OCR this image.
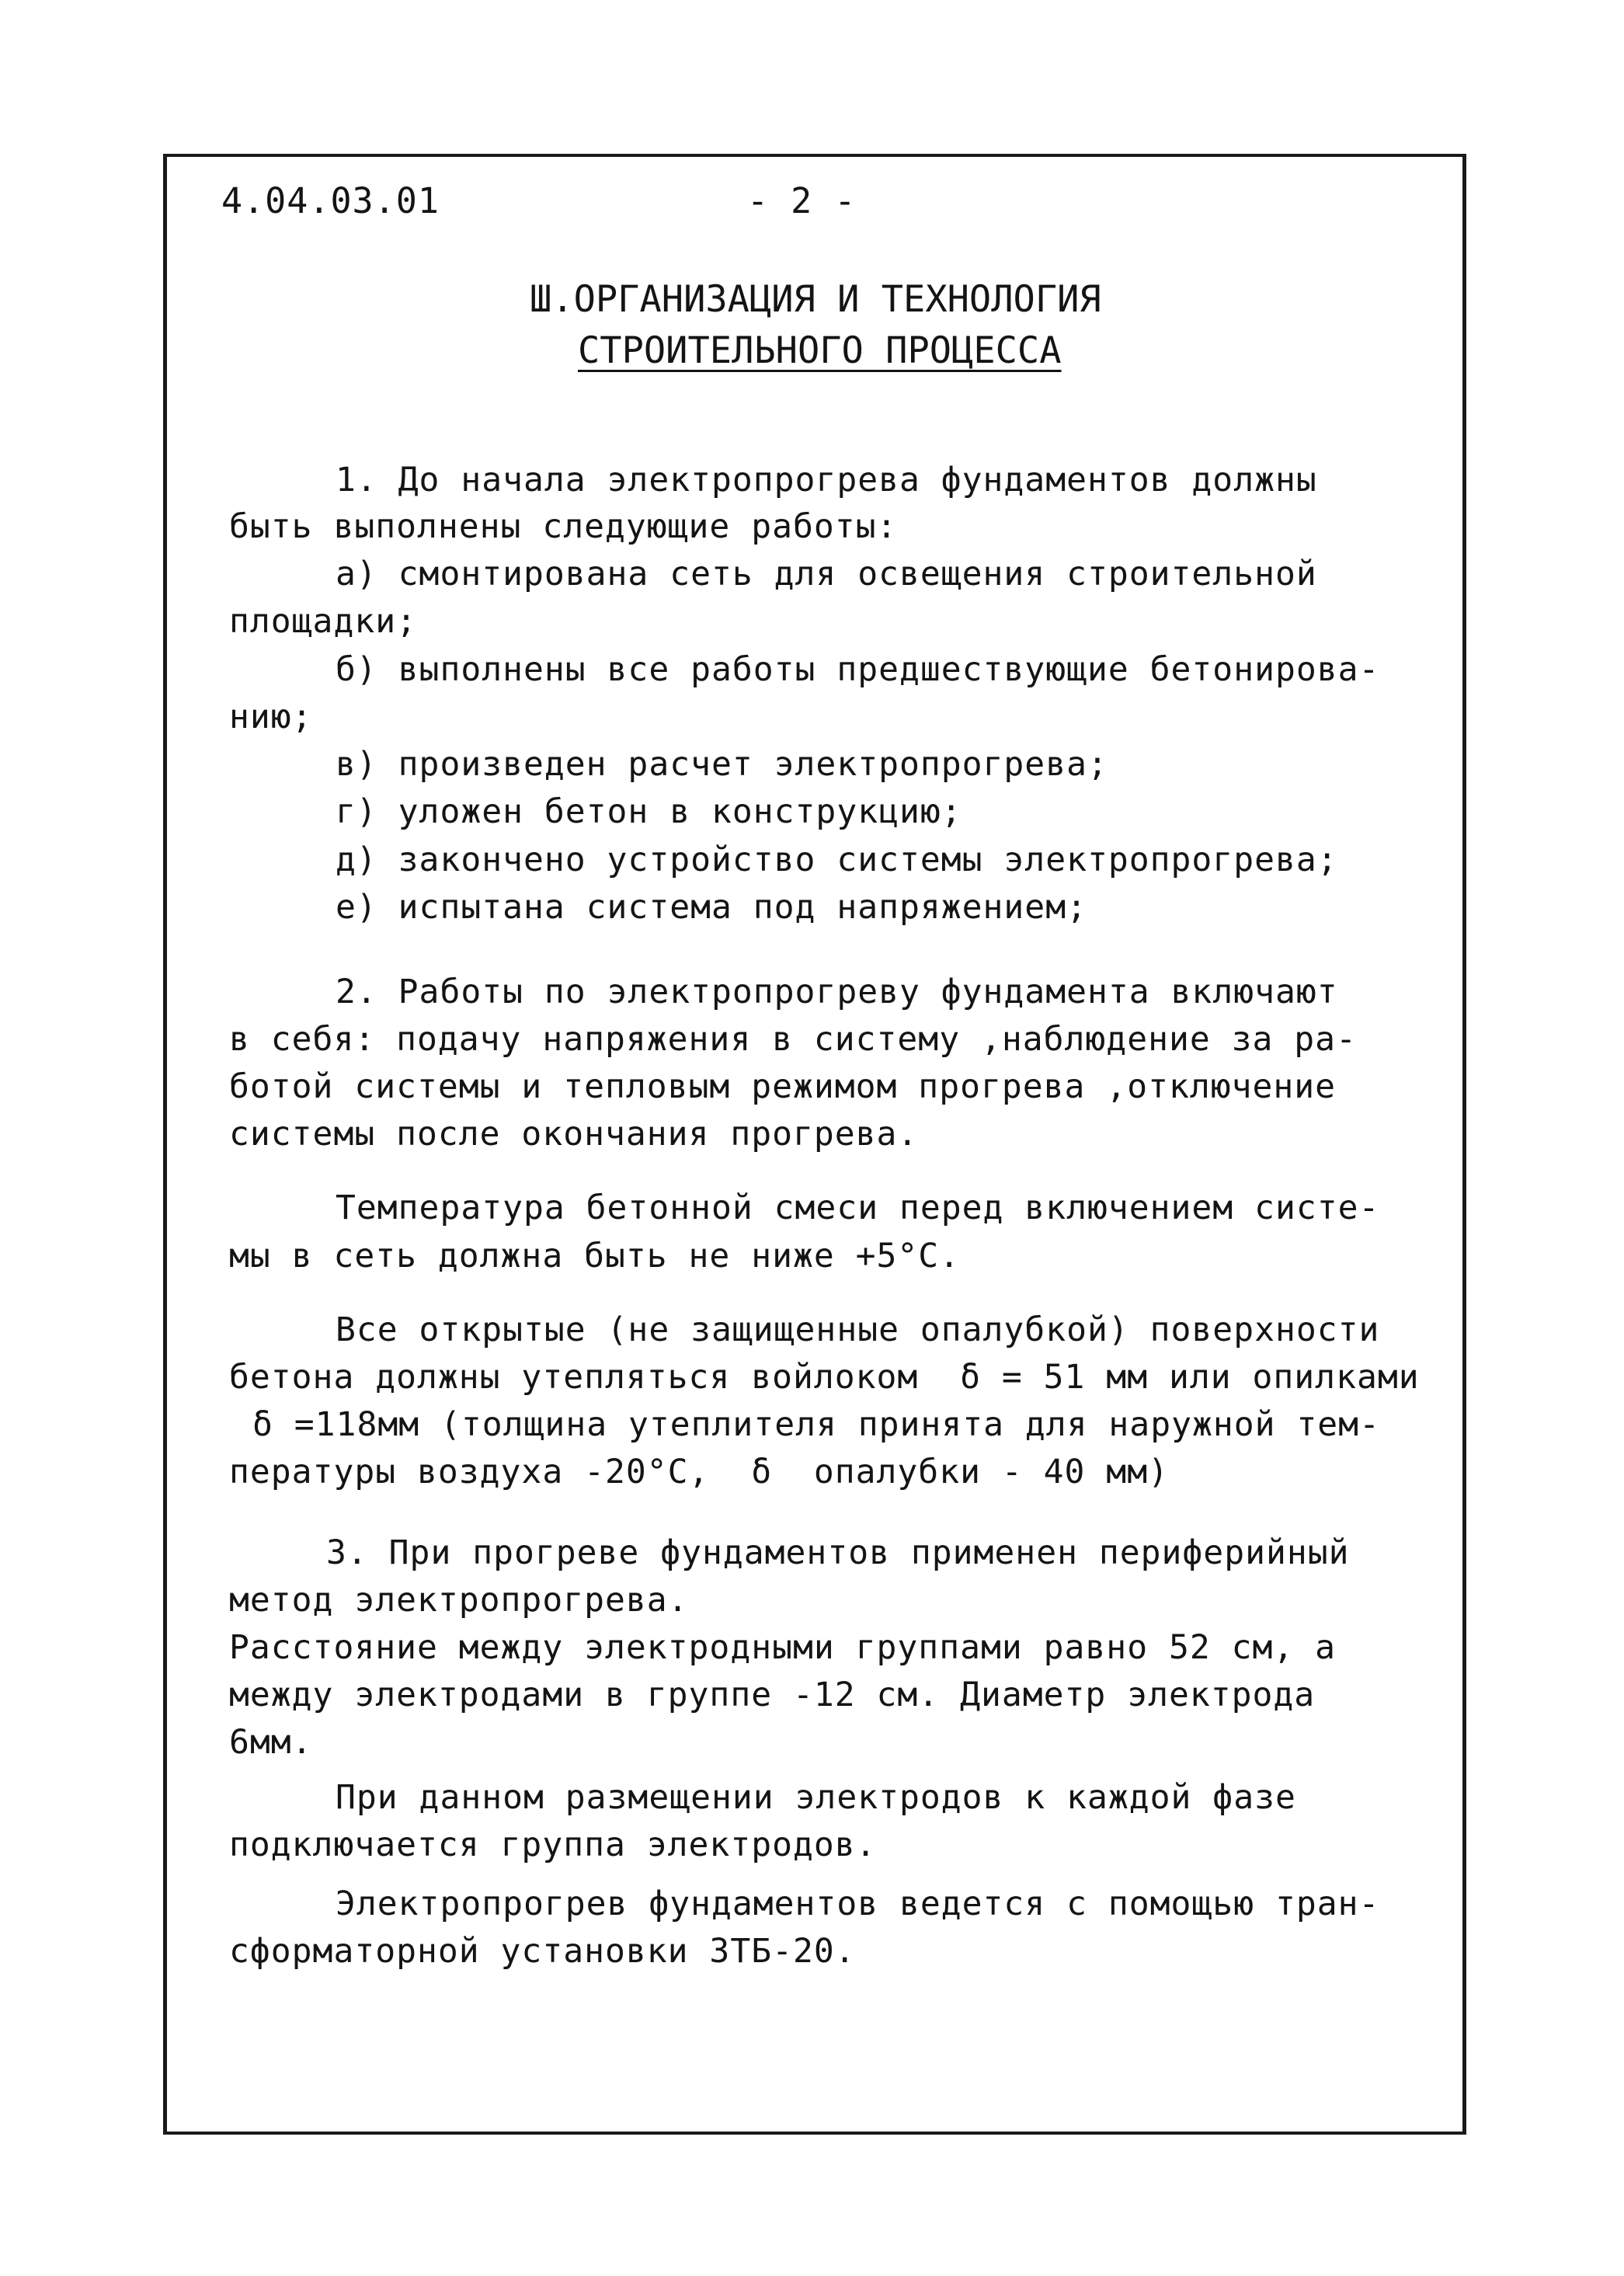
4.04.03.01	- 2 -
Ш.ОРГАНИЗАЦИЯ И ТЕХНОЛОГИЯ
СТРОИТЕЛЬНОГО ПРОЦЕССА
1. До начала электропрогрева фундаментов должны
быть выполнены следующие работы:
а) смонтирована сеть для освещения строительной
площадки;
б) выполнены все работы предшествующие бетонирова-
нию;
в) произведен расчет электропрогрева;
г) уложен бетон в конструкцию;
д) закончено устройство системы электропрогрева;
е) испытана система под напряжением;
2. Работы по электропрогреву фундамента включают
в себя: подачу напряжения в систему ,наблюдение за ра-
ботой системы и тепловым режимом прогрева ,отключение
системы после окончания прогрева.
Температура бетонной смеси перед включением систе-
мы в сеть должна быть не ниже +5°С.
Все открытые (не защищенные опалубкой) поверхности
бетона должны утепляться войлоком  δ = 51 мм или опилками
δ =118мм (толщина утеплителя принята для наружной тем-
пературы воздуха -20°С,  δ  опалубки - 40 мм)
3. При прогреве фундаментов применен периферийный
метод электропрогрева.
Расстояние между электродными группами равно 52 см, а
между электродами в группе -12 см. Диаметр электрода
6мм.
При данном размещении электродов к каждой фазе
подключается группа электродов.
Электропрогрев фундаментов ведется с помощью тран-
сформаторной установки ЗТБ-20.
